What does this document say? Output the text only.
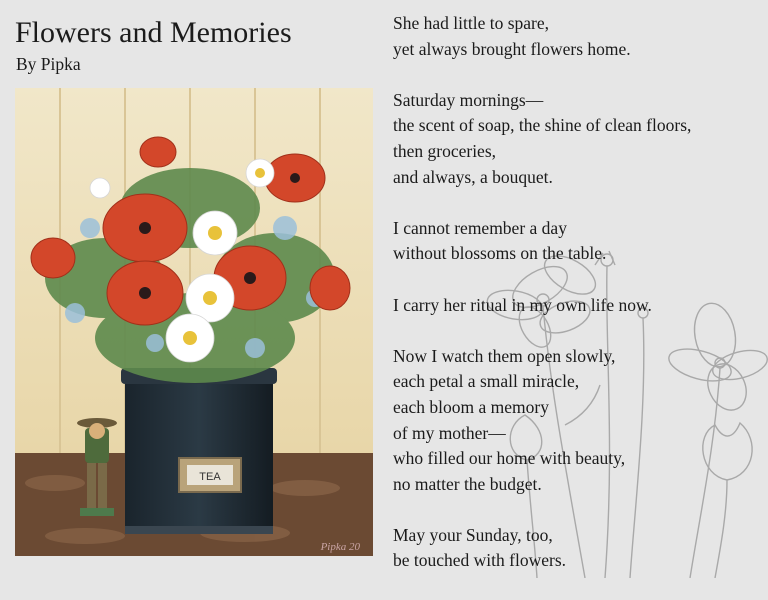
Flowers and Memories
By Pipka
TEA
Pipka 20

She had little to spare,
yet always brought flowers home.

Saturday mornings—
the scent of soap, the shine of clean floors,
then groceries,
and always, a bouquet.

I cannot remember a day
without blossoms on the table.

I carry her ritual in my own life now.

Now I watch them open slowly,
each petal a small miracle,
each bloom a memory
of my mother—
who filled our home with beauty,
no matter the budget.

May your Sunday, too,
be touched with flowers.
